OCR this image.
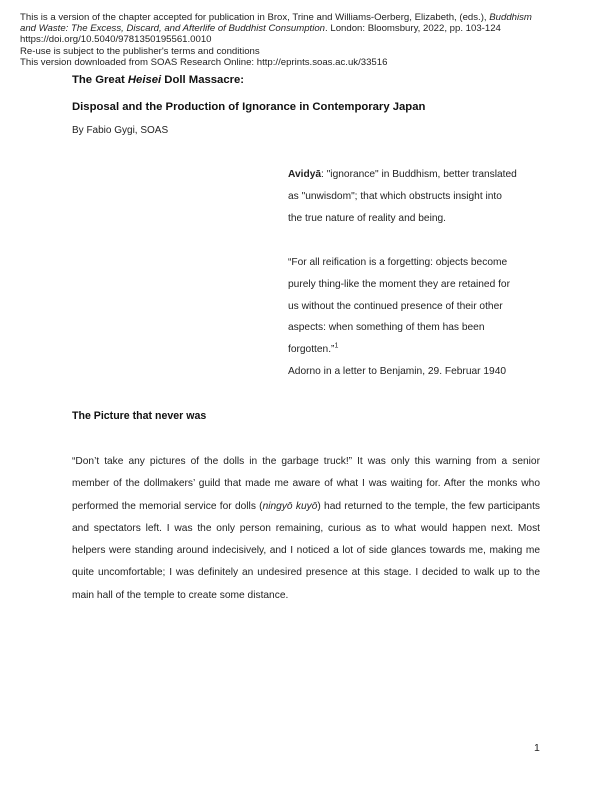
This is a version of the chapter accepted for publication in Brox, Trine and Williams-Oerberg, Elizabeth, (eds.), Buddhism
and Waste: The Excess, Discard, and Afterlife of Buddhist Consumption. London: Bloomsbury, 2022, pp. 103-124
https://doi.org/10.5040/9781350195561.0010
Re-use is subject to the publisher's terms and conditions
This version downloaded from SOAS Research Online: http://eprints.soas.ac.uk/33516
The Great Heisei Doll Massacre:
Disposal and the Production of Ignorance in Contemporary Japan
By Fabio Gygi, SOAS
Avidyā: "ignorance" in Buddhism, better translated
as "unwisdom"; that which obstructs insight into
the true nature of reality and being.
“For all reification is a forgetting: objects become
purely thing-like the moment they are retained for
us without the continued presence of their other
aspects: when something of them has been
forgotten.”$^1$
Adorno in a letter to Benjamin, 29. Februar 1940
The Picture that never was
“Don’t take any pictures of the dolls in the garbage truck!” It was only this warning from a senior member of the dollmakers’ guild that made me aware of what I was waiting for. After the monks who performed the memorial service for dolls (ningyō kuyō) had returned to the temple, the few participants and spectators left. I was the only person remaining, curious as to what would happen next. Most helpers were standing around indecisively, and I noticed a lot of side glances towards me, making me quite uncomfortable; I was definitely an undesired presence at this stage. I decided to walk up to the main hall of the temple to create some distance.
1
